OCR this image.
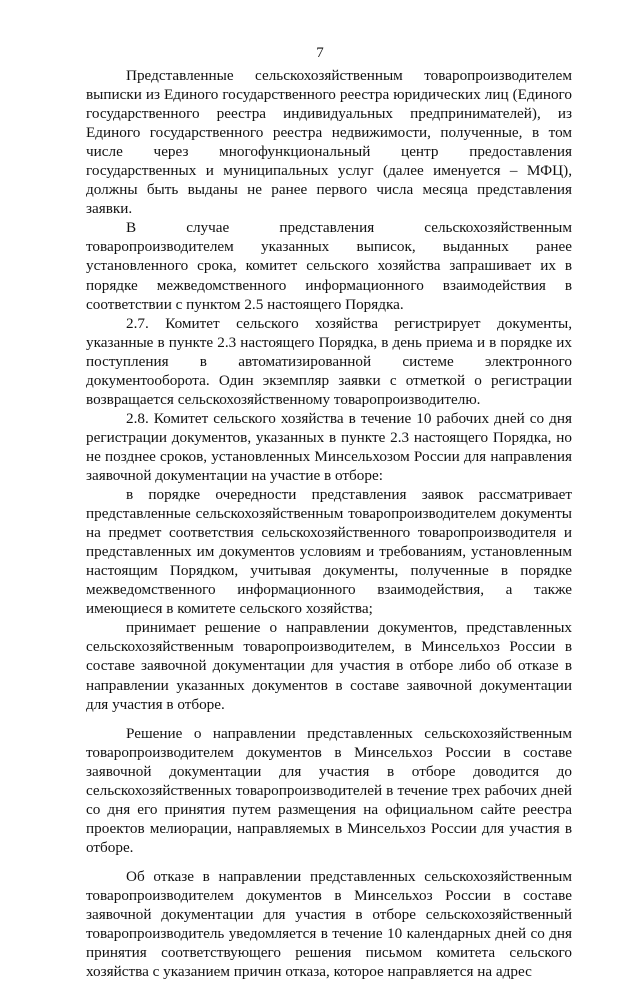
7

Представленные сельскохозяйственным товаропроизводителем выписки из Единого государственного реестра юридических лиц (Единого государственного реестра индивидуальных предпринимателей), из Единого государственного реестра недвижимости, полученные, в том числе через многофункциональный центр предоставления государственных и муниципальных услуг (далее именуется – МФЦ), должны быть выданы не ранее первого числа месяца представления заявки.

В случае представления сельскохозяйственным товаропроизводителем указанных выписок, выданных ранее установленного срока, комитет сельского хозяйства запрашивает их в порядке межведомственного информационного взаимодействия в соответствии с пунктом 2.5 настоящего Порядка.

2.7. Комитет сельского хозяйства регистрирует документы, указанные в пункте 2.3 настоящего Порядка, в день приема и в порядке их поступления в автоматизированной системе электронного документооборота. Один экземпляр заявки с отметкой о регистрации возвращается сельскохозяйственному товаропроизводителю.

2.8. Комитет сельского хозяйства в течение 10 рабочих дней со дня регистрации документов, указанных в пункте 2.3 настоящего Порядка, но не позднее сроков, установленных Минсельхозом России для направления заявочной документации на участие в отборе:

в порядке очередности представления заявок рассматривает представленные сельскохозяйственным товаропроизводителем документы на предмет соответствия сельскохозяйственного товаропроизводителя и представленных им документов условиям и требованиям, установленным настоящим Порядком, учитывая документы, полученные в порядке межведомственного информационного взаимодействия, а также имеющиеся в комитете сельского хозяйства;

принимает решение о направлении документов, представленных сельскохозяйственным товаропроизводителем, в Минсельхоз России в составе заявочной документации для участия в отборе либо об отказе в направлении указанных документов в составе заявочной документации для участия в отборе.

Решение о направлении представленных сельскохозяйственным товаропроизводителем документов в Минсельхоз России в составе заявочной документации для участия в отборе доводится до сельскохозяйственных товаропроизводителей в течение трех рабочих дней со дня его принятия путем размещения на официальном сайте реестра проектов мелиорации, направляемых в Минсельхоз России для участия в отборе.

Об отказе в направлении представленных сельскохозяйственным товаропроизводителем документов в Минсельхоз России в составе заявочной документации для участия в отборе сельскохозяйственный товаропроизводитель уведомляется в течение 10 календарных дней со дня принятия соответствующего решения письмом комитета сельского хозяйства с указанием причин отказа, которое направляется на адрес
